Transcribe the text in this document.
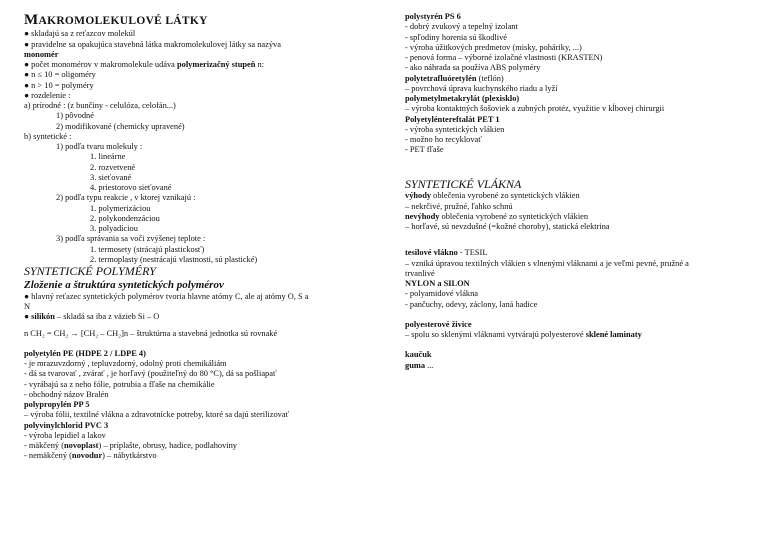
MAKROMOLEKULOVÉ LÁTKY
● skladajú sa z reťazcov molekúl
● pravidelne sa opakujúca stavebná látka makromolekulovej látky sa nazýva
monomér
● počet monomérov v makromolekule udáva polymerizačný stupeň n:
● n ≤ 10 = oligoméry
● n > 10 = polyméry
● rozdelenie :
a) prírodné : (z bunčiny - celulóza, celofán...)
1) pôvodné
2) modifikované (chemicky upravené)
b) syntetické :
1) podľa tvaru molekuly :
1. lineárne
2. rozvetvené
3. sieťované
4. priestorovo sieťované
2) podľa typu reakcie , v ktorej vznikajú :
1. polymerizáciou
2. polykondenzáciou
3. polyadíciou
3) podľa správania sa voči zvýšenej teplote :
1. termosety (strácajú plastickosť)
2. termoplasty (nestrácajú vlastnosti, sú plastické)
SYNTETICKÉ POLYMÉRY
Zloženie a štruktúra syntetických polymérov
● hlavný reťazec syntetických polymérov tvoria hlavne atómy C, ale aj atómy O, S a
N
● silikón – skladá sa iba z väzieb Si – O
n CH₂ = CH₂ → [CH₂ – CH₂]n – štruktúrna a stavebná jednotka sú rovnaké
polyetylén PE (HDPE 2 / LDPE 4)
- je mrazuvzdorný , tepluvzdorný, odolný proti chemikáliám
- dá sa tvarovať , zvárať , je horľavý (použiteľný do 80 °C), dá sa pošliapať
- vyrábajú sa z neho fólie, potrubia a fľaše na chemikálie
- obchodný názov Bralén
polypropylén PP 5
– výroba fólii, textilné vlákna a zdravotnícke potreby, ktoré sa dajú sterilizovať
polyvinylchlorid PVC 3
- výroba lepidiel a lakov
- mäkčený (novoplast) – príplašte, obrusy, hadice, podlahoviny
- nemäkčený (novodur) – nábytkárstvo
polystyrén PS 6
- dobrý zvukový a tepelný izolant
- spľodiny horenia sú škodlivé
- výroba úžitkových predmetov (misky, poháriky, ...)
- penová forma – výborné izolačné vlastnosti (KRASTEN)
- ako náhrada sa používa ABS polyméry
polytetrafluóretylén (teflón)
– povrchová úprava kuchynského riadu a lyží
polymetylmetakrylát (plexisklo)
– výroba kontaktných šošoviek a zubných protéz, využitie v kĺbovej chirurgii
Polyetyléntereftalát PET 1
- výroba syntetických vlákien
- možno ho recyklovať
- PET fľaše
SYNTETICKÉ VLÁKNA
výhody oblečenia vyrobené zo syntetických vlákien
– nekrčivé, pružné, ľahko schnú
nevýhody oblečenia vyrobené zo syntetických vlákien
– horľavé, sú nevzdušné (=kožné choroby), statická elektrina
tesilové vlákno - TESIL
– vzniká úpravou textilných vlákien s vlnenými vláknami a je veľmi pevné, pružné a
trvanlivé
NYLON a SILON
- polyamidové vlákna
- pančuchy, odevy, záclony, laná hadice
polyesterové živice
– spolu so sklenými vláknami vytvárajú polyesterové sklené laminaty
kaučuk
guma ...
